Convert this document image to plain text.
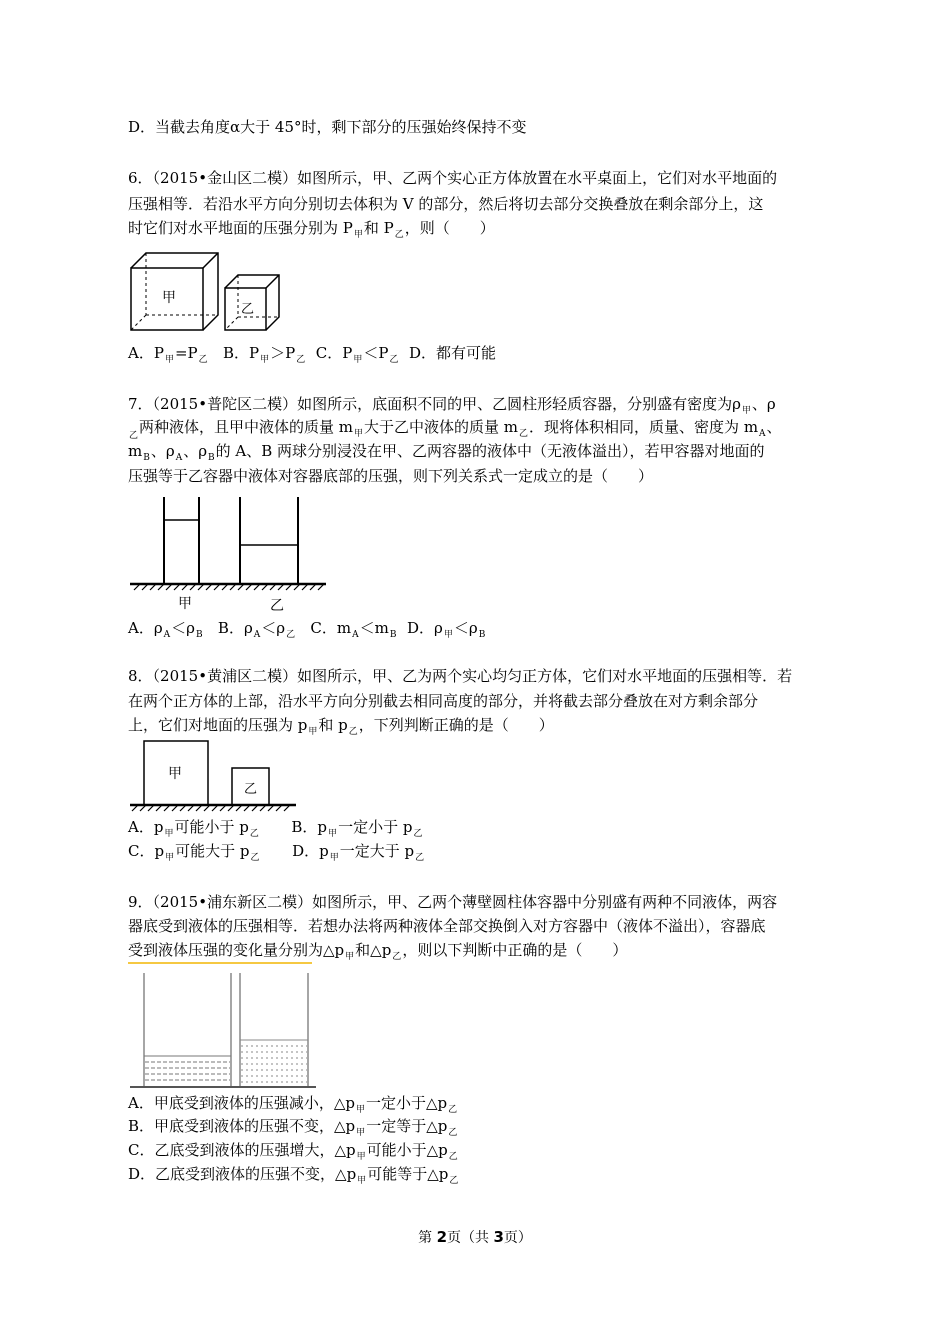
D．当截去角度α大于 45°时，剩下部分的压强始终保持不变
6．（2015•金山区二模）如图所示，甲、乙两个实心正方体放置在水平桌面上，它们对水平地面的
压强相等．若沿水平方向分别切去体积为 V 的部分，然后将切去部分交换叠放在剩余部分上，这
时它们对水平地面的压强分别为 $P_甲$和 $P_乙$，则（　　）
甲
乙
A．$P_甲=P_乙$ B．$P_甲>P_乙$ C．$P_甲<P_乙$ D．都有可能
7．（2015•普陀区二模）如图所示，底面积不同的甲、乙圆柱形轻质容器，分别盛有密度为$\rho_甲$、ρ
$_乙$两种液体，且甲中液体的质量 $m_甲$大于乙中液体的质量 $m_乙$．现将体积相同，质量、密度为 $m_A$、
$m_B$、$\rho_A$、$\rho_B$的 A、B 两球分别浸没在甲、乙两容器的液体中（无液体溢出），若甲容器对地面的
压强等于乙容器中液体对容器底部的压强，则下列关系式一定成立的是（　　）
甲	乙
A．$\rho_A<\rho_B$ B．$\rho_A<\rho_乙$ C．$m_A<m_B$ D．$\rho_甲<\rho_B$
8．（2015•黄浦区二模）如图所示，甲、乙为两个实心均匀正方体，它们对水平地面的压强相等．若
在两个正方体的上部，沿水平方向分别截去相同高度的部分，并将截去部分叠放在对方剩余部分
上，它们对地面的压强为 $p_甲$和 $p_乙$，下列判断正确的是（　　）
甲
乙
A．$p_甲$可能小于 $p_乙$ B．$p_甲$一定小于 $p_乙$
C．$p_甲$可能大于 $p_乙$ D．$p_甲$一定大于 $p_乙$
9．（2015•浦东新区二模）如图所示，甲、乙两个薄壁圆柱体容器中分别盛有两种不同液体，两容
器底受到液体的压强相等．若想办法将两种液体全部交换倒入对方容器中（液体不溢出），容器底
受到液体压强的变化量分别为$\triangle p_甲$和$\triangle p_乙$，则以下判断中正确的是（　　）
A．甲底受到液体的压强减小，$\triangle p_甲$一定小于$\triangle p_乙$
B．甲底受到液体的压强不变，$\triangle p_甲$一定等于$\triangle p_乙$
C．乙底受到液体的压强增大，$\triangle p_甲$可能小于$\triangle p_乙$
D．乙底受到液体的压强不变，$\triangle p_甲$可能等于$\triangle p_乙$
第 2页（共 3页）
